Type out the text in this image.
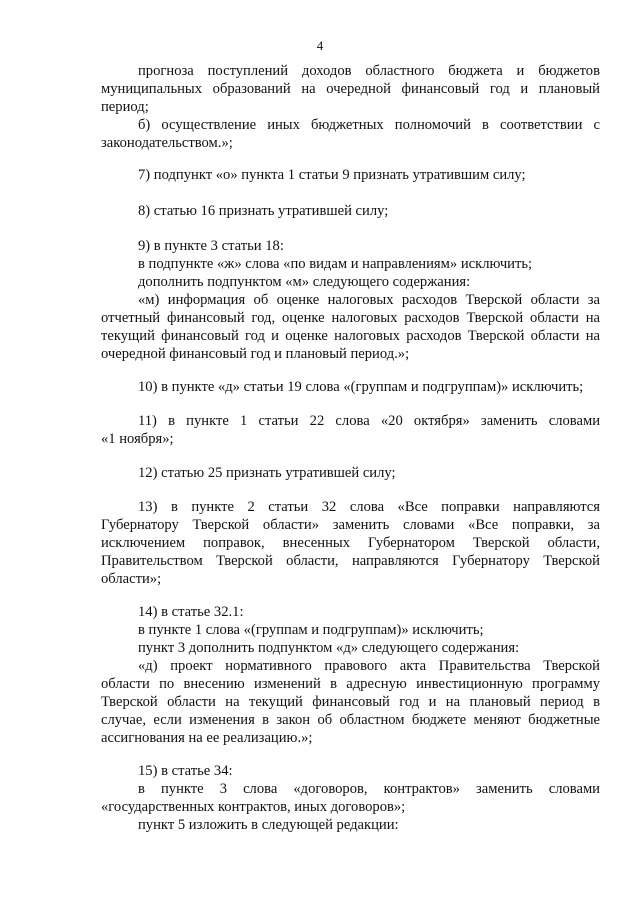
4
прогноза поступлений доходов областного бюджета и бюджетов
муниципальных образований на очередной финансовый год и плановый
период;
б) осуществление иных бюджетных полномочий в соответствии с
законодательством.»;
7) подпункт «о» пункта 1 статьи 9 признать утратившим силу;
8) статью 16 признать утратившей силу;
9) в пункте 3 статьи 18:
в подпункте «ж» слова «по видам и направлениям» исключить;
дополнить подпунктом «м» следующего содержания:
«м) информация об оценке налоговых расходов Тверской области за
отчетный финансовый год, оценке налоговых расходов Тверской области на
текущий финансовый год и оценке налоговых расходов Тверской области на
очередной финансовый год и плановый период.»;
10) в пункте «д» статьи 19 слова «(группам и подгруппам)» исключить;
11) в пункте 1 статьи 22 слова «20 октября» заменить словами
«1 ноября»;
12) статью 25 признать утратившей силу;
13) в пункте 2 статьи 32 слова «Все поправки направляются
Губернатору Тверской области» заменить словами «Все поправки, за
исключением поправок, внесенных Губернатором Тверской области,
Правительством Тверской области, направляются Губернатору Тверской
области»;
14) в статье 32.1:
в пункте 1 слова «(группам и подгруппам)» исключить;
пункт 3 дополнить подпунктом «д» следующего содержания:
«д) проект нормативного правового акта Правительства Тверской
области по внесению изменений в адресную инвестиционную программу
Тверской области на текущий финансовый год и на плановый период в
случае, если изменения в закон об областном бюджете меняют бюджетные
ассигнования на ее реализацию.»;
15) в статье 34:
в пункте 3 слова «договоров, контрактов» заменить словами
«государственных контрактов, иных договоров»;
пункт 5 изложить в следующей редакции:
